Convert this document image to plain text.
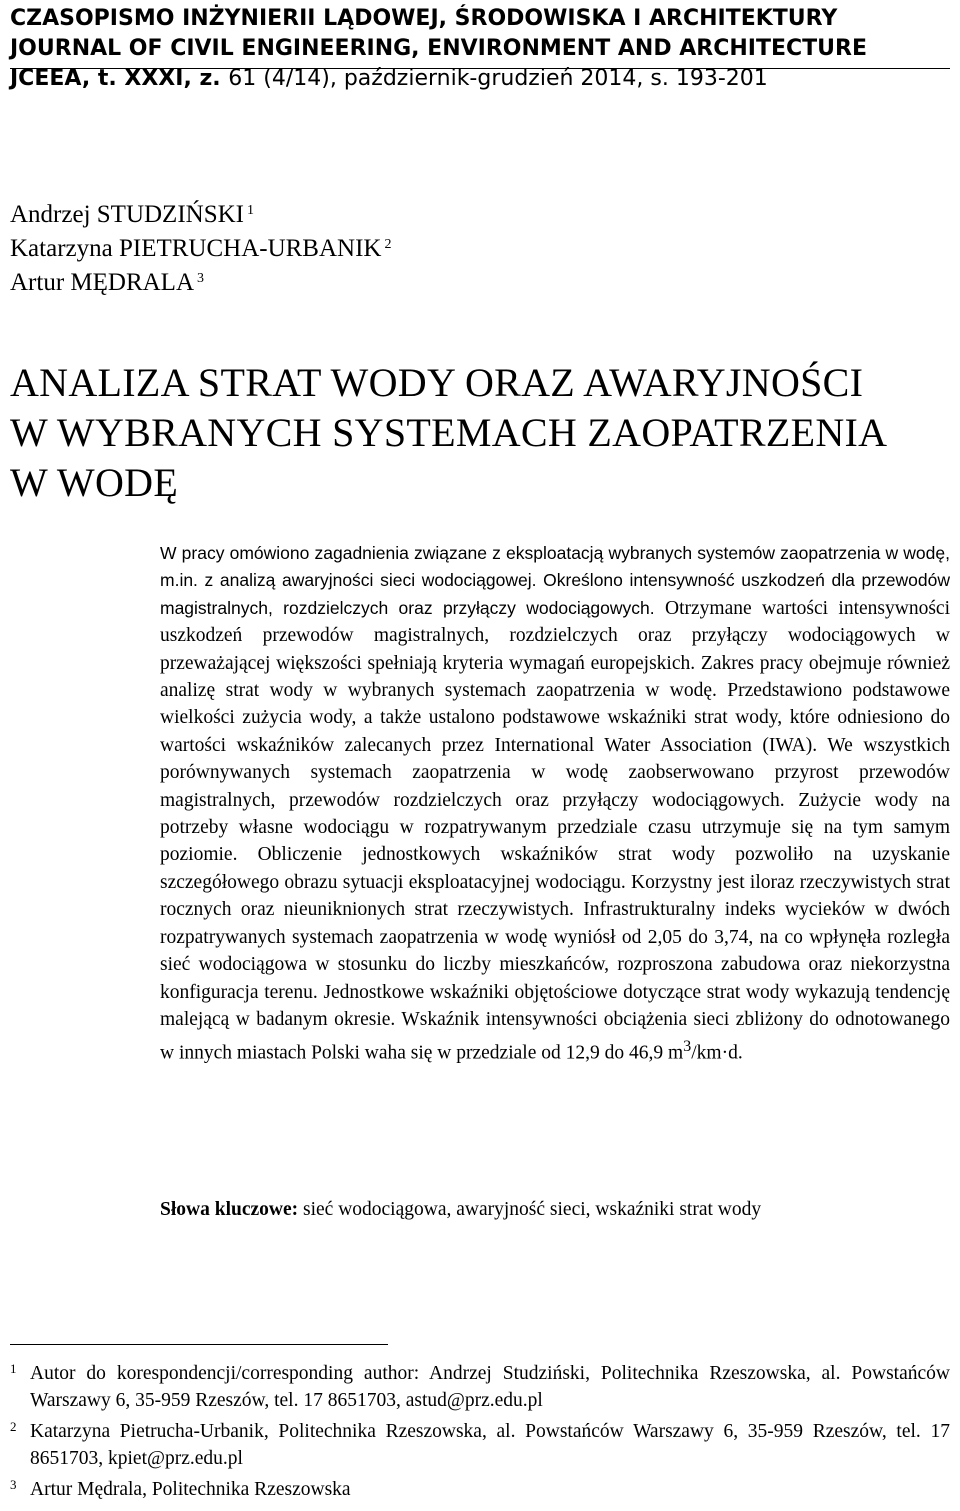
CZASOPISMO INŻYNIERII LĄDOWEJ, ŚRODOWISKA I ARCHITEKTURY
JOURNAL OF CIVIL ENGINEERING, ENVIRONMENT AND ARCHITECTURE
JCEEA, t. XXXI, z. 61 (4/14), październik-grudzień 2014, s. 193-201
Andrzej STUDZIŃSKI $^1$
Katarzyna PIETRUCHA-URBANIK $^2$
Artur MĘDRALA $^3$
ANALIZA STRAT WODY ORAZ AWARYJNOŚCI
W WYBRANYCH SYSTEMACH ZAOPATRZENIA
W WODĘ
W pracy omówiono zagadnienia związane z eksploatacją wybranych systemów zaopatrzenia w wodę, m.in. z analizą awaryjności sieci wodociągowej. Określono intensywność uszkodzeń dla przewodów magistralnych, rozdzielczych oraz przyłączy wodociągowych. Otrzymane wartości intensywności uszkodzeń przewodów magistralnych, rozdzielczych oraz przyłączy wodociągowych w przeważającej większości spełniają kryteria wymagań europejskich. Zakres pracy obejmuje również analizę strat wody w wybranych systemach zaopatrzenia w wodę. Przedstawiono podstawowe wielkości zużycia wody, a także ustalono podstawowe wskaźniki strat wody, które odniesiono do wartości wskaźników zalecanych przez International Water Association (IWA). We wszystkich porównywanych systemach zaopatrzenia w wodę zaobserwowano przyrost przewodów magistralnych, przewodów rozdzielczych oraz przyłączy wodociągowych. Zużycie wody na potrzeby własne wodociągu w rozpatrywanym przedziale czasu utrzymuje się na tym samym poziomie. Obliczenie jednostkowych wskaźników strat wody pozwoliło na uzyskanie szczegółowego obrazu sytuacji eksploatacyjnej wodociągu. Korzystny jest iloraz rzeczywistych strat rocznych oraz nieuniknionych strat rzeczywistych. Infrastrukturalny indeks wycieków w dwóch rozpatrywanych systemach zaopatrzenia w wodę wyniósł od 2,05 do 3,74, na co wpłynęła rozległa sieć wodociągowa w stosunku do liczby mieszkańców, rozproszona zabudowa oraz niekorzystna konfiguracja terenu. Jednostkowe wskaźniki objętościowe dotyczące strat wody wykazują tendencję malejącą w badanym okresie. Wskaźnik intensywności obciążenia sieci zbliżony do odnotowanego w innych miastach Polski waha się w przedziale od 12,9 do 46,9 $m^3/km\cdot d$.
Słowa kluczowe: sieć wodociągowa, awaryjność sieci, wskaźniki strat wody
1 Autor do korespondencji/corresponding author: Andrzej Studziński, Politechnika Rzeszowska, al. Powstańców Warszawy 6, 35-959 Rzeszów, tel. 17 8651703, astud@prz.edu.pl
2 Katarzyna Pietrucha-Urbanik, Politechnika Rzeszowska, al. Powstańców Warszawy 6, 35-959 Rzeszów, tel. 17 8651703, kpiet@prz.edu.pl
3 Artur Mędrala, Politechnika Rzeszowska
